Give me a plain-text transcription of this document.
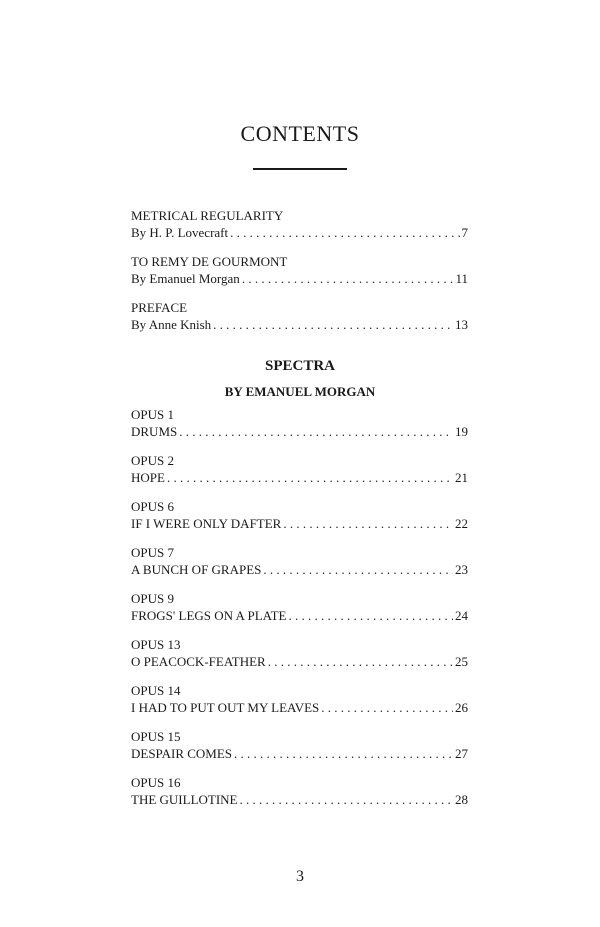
CONTENTS
METRICAL REGULARITY
By H. P. Lovecraft . . .	7
TO REMY DE GOURMONT
By Emanuel Morgan . . .	11
PREFACE
By Anne Knish . . .	13
SPECTRA
BY EMANUEL MORGAN
OPUS 1
DRUMS . . .	19
OPUS 2
HOPE . . .	21
OPUS 6
IF I WERE ONLY DAFTER . . .	22
OPUS 7
A BUNCH OF GRAPES . . .	23
OPUS 9
FROGS' LEGS ON A PLATE . . .	24
OPUS 13
O PEACOCK-FEATHER . . .	25
OPUS 14
I HAD TO PUT OUT MY LEAVES . . .	26
OPUS 15
DESPAIR COMES . . .	27
OPUS 16
THE GUILLOTINE . . .	28
3
